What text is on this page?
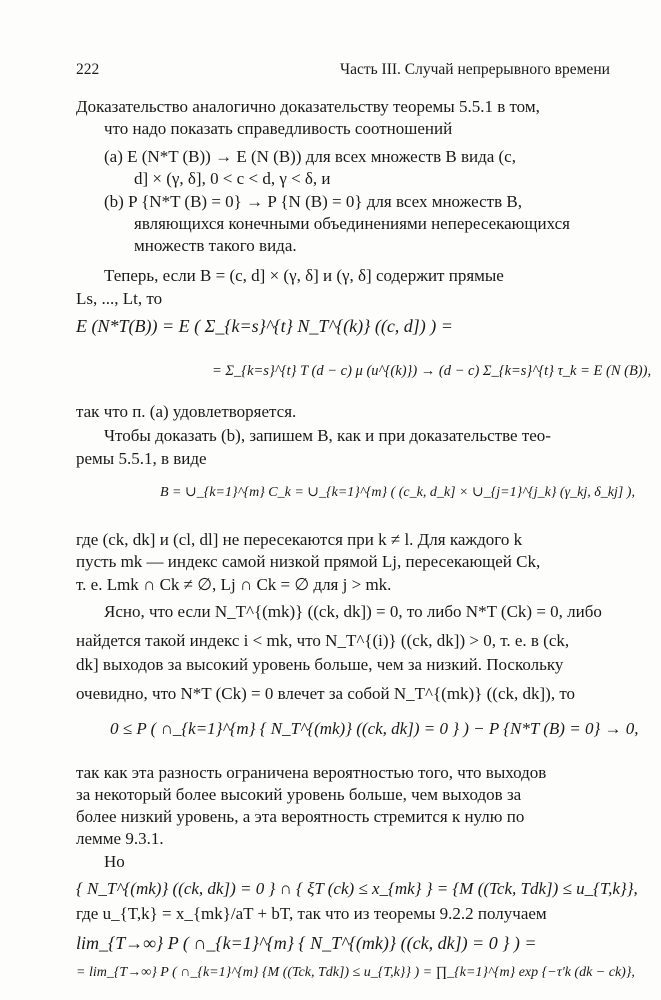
222	Часть III. Случай непрерывного времени
Доказательство аналогично доказательству теоремы 5.5.1 в том,
что надо показать справедливость соотношений
(a) E (N*T (B)) → E (N (B)) для всех множеств B вида (c,
d] × (γ, δ], 0 < c < d, γ < δ, и
(b) P {N*T (B) = 0} → P {N (B) = 0} для всех множеств B,
являющихся конечными объединениями непересекающихся
множеств такого вида.
Теперь, если B = (c, d] × (γ, δ] и (γ, δ] содержит прямые
Ls, ..., Lt, то
E (N*T(B)) = E ( Σ_{k=s}^{t} N_T^{(k)} ((c, d]) ) =
= Σ_{k=s}^{t} T (d − c) μ (u^{(k)}) → (d − c) Σ_{k=s}^{t} τ_k = E (N (B)),
так что п. (a) удовлетворяется.
Чтобы доказать (b), запишем B, как и при доказательстве тео-
ремы 5.5.1, в виде
B = ∪_{k=1}^{m} C_k = ∪_{k=1}^{m} ( (c_k, d_k] × ∪_{j=1}^{j_k} (γ_kj, δ_kj] ),
где (ck, dk] и (cl, dl] не пересекаются при k ≠ l. Для каждого k
пусть mk — индекс самой низкой прямой Lj, пересекающей Ck,
т. е. Lmk ∩ Ck ≠ ∅, Lj ∩ Ck = ∅ для j > mk.
Ясно, что если N_T^{(mk)} ((ck, dk]) = 0, то либо N*T (Ck) = 0, либо
найдется такой индекс i < mk, что N_T^{(i)} ((ck, dk]) > 0, т. е. в (ck,
dk] выходов за высокий уровень больше, чем за низкий. Поскольку
очевидно, что N*T (Ck) = 0 влечет за собой N_T^{(mk)} ((ck, dk]), то
0 ≤ P ( ∩_{k=1}^{m} { N_T^{(mk)} ((ck, dk]) = 0 } ) − P {N*T (B) = 0} → 0,
так как эта разность ограничена вероятностью того, что выходов
за некоторый более высокий уровень больше, чем выходов за
более низкий уровень, а эта вероятность стремится к нулю по
лемме 9.3.1.
Но
{ N_T^{(mk)} ((ck, dk]) = 0 } ∩ { ξT (ck) ≤ x_{mk} } = {M ((Tck, Tdk]) ≤ u_{T,k}},
где u_{T,k} = x_{mk}/aT + bT, так что из теоремы 9.2.2 получаем
lim_{T→∞} P ( ∩_{k=1}^{m} { N_T^{(mk)} ((ck, dk]) = 0 } ) =
= lim_{T→∞} P ( ∩_{k=1}^{m} {M ((Tck, Tdk]) ≤ u_{T,k}} ) = ∏_{k=1}^{m} exp {−τ'k (dk − ck)},
